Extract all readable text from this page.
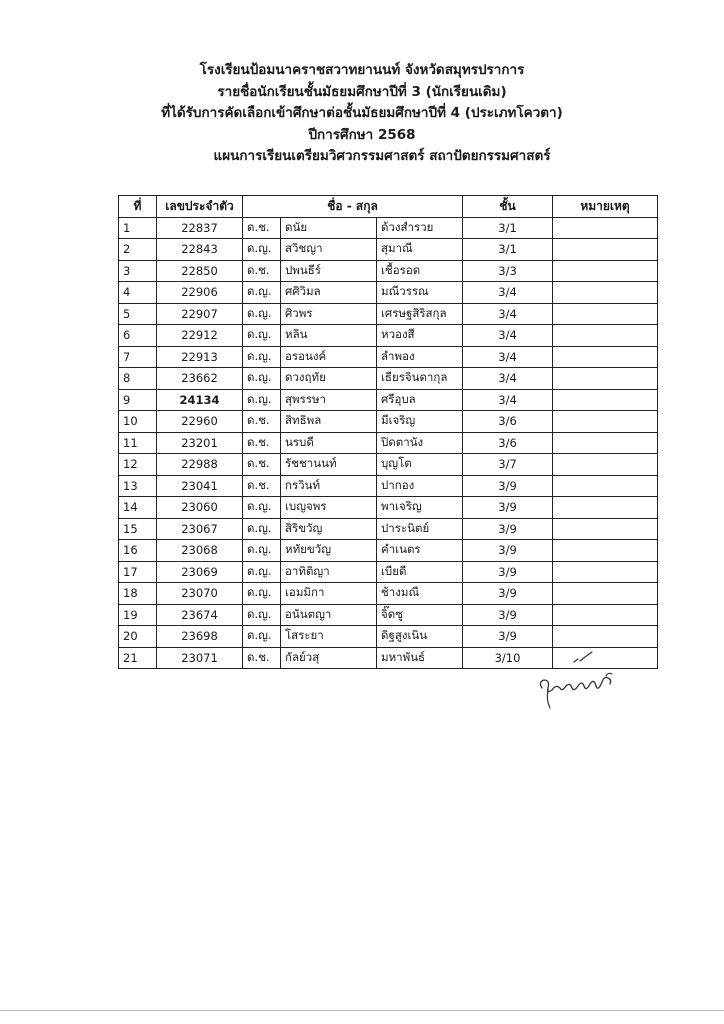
โรงเรียนป้อมนาคราชสวาทยานนท์ จังหวัดสมุทรปราการ
รายชื่อนักเรียนชั้นมัธยมศึกษาปีที่ 3 (นักเรียนเดิม)
ที่ได้รับการคัดเลือกเข้าศึกษาต่อชั้นมัธยมศึกษาปีที่ 4 (ประเภทโควตา)
ปีการศึกษา 2568
แผนการเรียนเตรียมวิศวกรรมศาสตร์ สถาปัตยกรรมศาสตร์
ที่	เลขประจำตัว	ชื่อ - สกุล			ชั้น	หมายเหตุ
1	22837	ด.ช.	ดนัย	ด้วงสำรวย	3/1	
2	22843	ด.ญ.	สวิชญา	สุมาณี	3/1	
3	22850	ด.ช.	ปพนธีร์	เชื้อรอด	3/3	
4	22906	ด.ญ.	ศศิวิมล	มณีวรรณ	3/4	
5	22907	ด.ญ.	ศิวพร	เศรษฐสิริสกุล	3/4	
6	22912	ด.ญ.	หลิน	หวองสี	3/4	
7	22913	ด.ญ.	อรอนงค์	ลำพอง	3/4	
8	23662	ด.ญ.	ดวงฤทัย	เธียรจินดากุล	3/4	
9	24134	ด.ญ.	สุพรรษา	ศรีอุบล	3/4	
10	22960	ด.ช.	สิทธิพล	มีเจริญ	3/6	
11	23201	ด.ช.	นรบดี	ปิดตานัง	3/6	
12	22988	ด.ช.	รัชชานนท์	บุญโต	3/7	
13	23041	ด.ช.	กรวินท์	ปากอง	3/9	
14	23060	ด.ญ.	เบญจพร	พาเจริญ	3/9	
15	23067	ด.ญ.	สิริขวัญ	ปาระนิตย์	3/9	
16	23068	ด.ญ.	หทัยขวัญ	คำเนตร	3/9	
17	23069	ด.ญ.	อาทิติญา	เบียดี	3/9	
18	23070	ด.ญ.	เอมมิกา	ช้างมณี	3/9	
19	23674	ด.ญ.	อนันตญา	จิ๊ดซู	3/9	
20	23698	ด.ญ.	โสระยา	ดิฐสูงเนิน	3/9	
21	23071	ด.ช.	กัลย์วสุ	มหาพันธ์	3/10	
